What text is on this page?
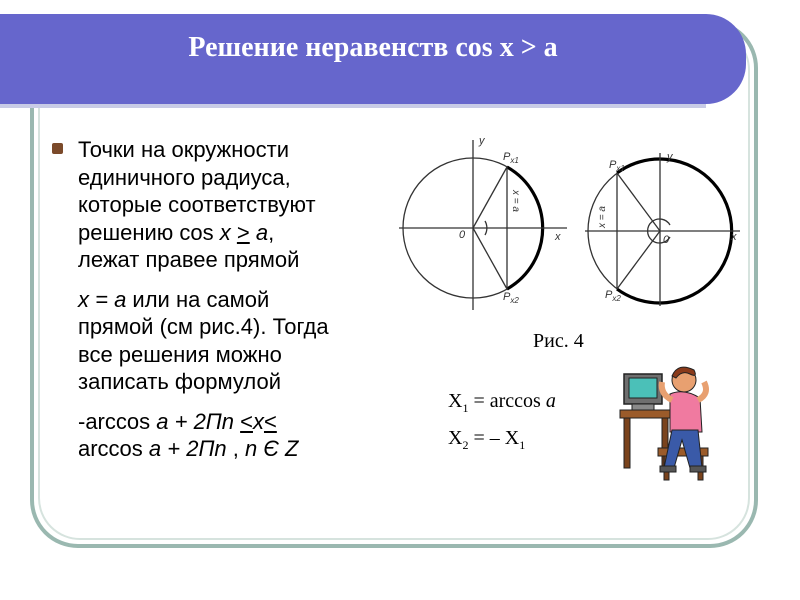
Решение неравенств cos x > a

Точки на окружности

единичного радиуса,

которые соответствуют

решению cos x > a,

лежат правее прямой

x = a или на самой

прямой (см рис.4). Тогда

все решения можно

записать формулой

-arccos a + 2Пn <x<

arccos a + 2Пn , n Є Z

y
x
0
$P_{x1}$
$P_{x2}$
x = a
y
x
0
$P_{x1}$
$P_{x2}$
x = a
Рис. 4
$X_1 = \arccos a$
$X_2$ = – $X_1$
